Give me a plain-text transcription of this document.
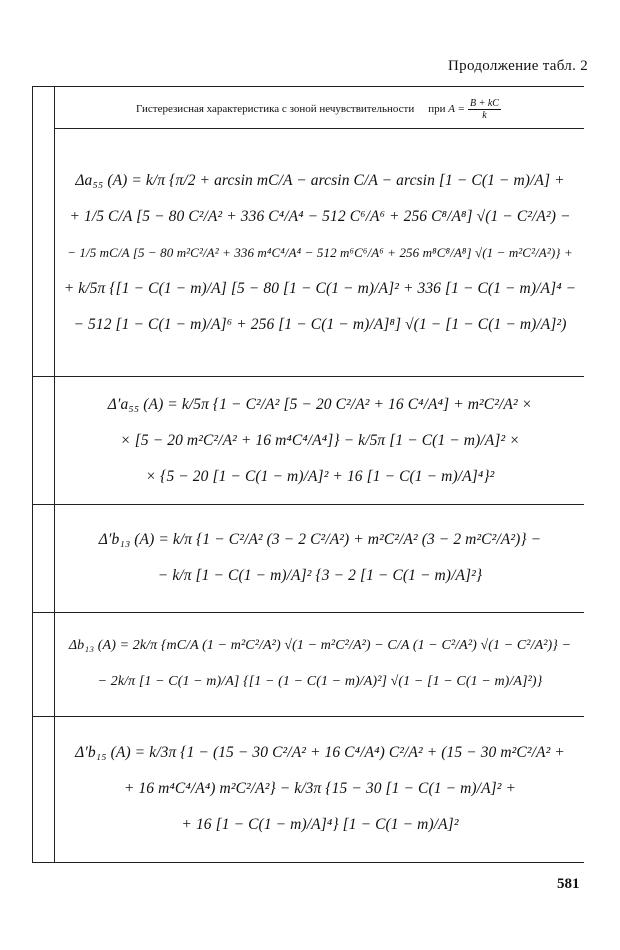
Продолжение табл. 2
Гистерезисная характеристика с зоной нечувствительности при
$A = \frac{B + kC}{k}$
Δa₅₅ (A) = k/π {π/2 + arcsin mC/A − arcsin C/A − arcsin [1 − C(1 − m)/A] +
+ 1/5 C/A [5 − 80 C²/A² + 336 C⁴/A⁴ − 512 C⁶/A⁶ + 256 C⁸/A⁸] √(1 − C²/A²) −
− 1/5 mC/A [5 − 80 m²C²/A² + 336 m⁴C⁴/A⁴ − 512 m⁶C⁶/A⁶ + 256 m⁸C⁸/A⁸] √(1 − m²C²/A²)} +
+ k/5π {[1 − C(1 − m)/A] [5 − 80 [1 − C(1 − m)/A]² + 336 [1 − C(1 − m)/A]⁴ −
− 512 [1 − C(1 − m)/A]⁶ + 256 [1 − C(1 − m)/A]⁸] √(1 − [1 − C(1 − m)/A]²)
Δ′a₅₅ (A) = k/5π {1 − C²/A² [5 − 20 C²/A² + 16 C⁴/A⁴] + m²C²/A² ×
× [5 − 20 m²C²/A² + 16 m⁴C⁴/A⁴]} − k/5π [1 − C(1 − m)/A]² ×
× {5 − 20 [1 − C(1 − m)/A]² + 16 [1 − C(1 − m)/A]⁴}²
Δ′b₁₃ (A) = k/π {1 − C²/A² (3 − 2 C²/A²) + m²C²/A² (3 − 2 m²C²/A²)} −
− k/π [1 − C(1 − m)/A]² {3 − 2 [1 − C(1 − m)/A]²}
Δb₁₃ (A) = 2k/π {mC/A (1 − m²C²/A²) √(1 − m²C²/A²) − C/A (1 − C²/A²) √(1 − C²/A²)} −
− 2k/π [1 − C(1 − m)/A] {[1 − (1 − C(1 − m)/A)²] √(1 − [1 − C(1 − m)/A]²)}
Δ′b₁₅ (A) = k/3π {1 − (15 − 30 C²/A² + 16 C⁴/A⁴) C²/A² + (15 − 30 m²C²/A² +
+ 16 m⁴C⁴/A⁴) m²C²/A²} − k/3π {15 − 30 [1 − C(1 − m)/A]² +
+ 16 [1 − C(1 − m)/A]⁴} [1 − C(1 − m)/A]²
581
